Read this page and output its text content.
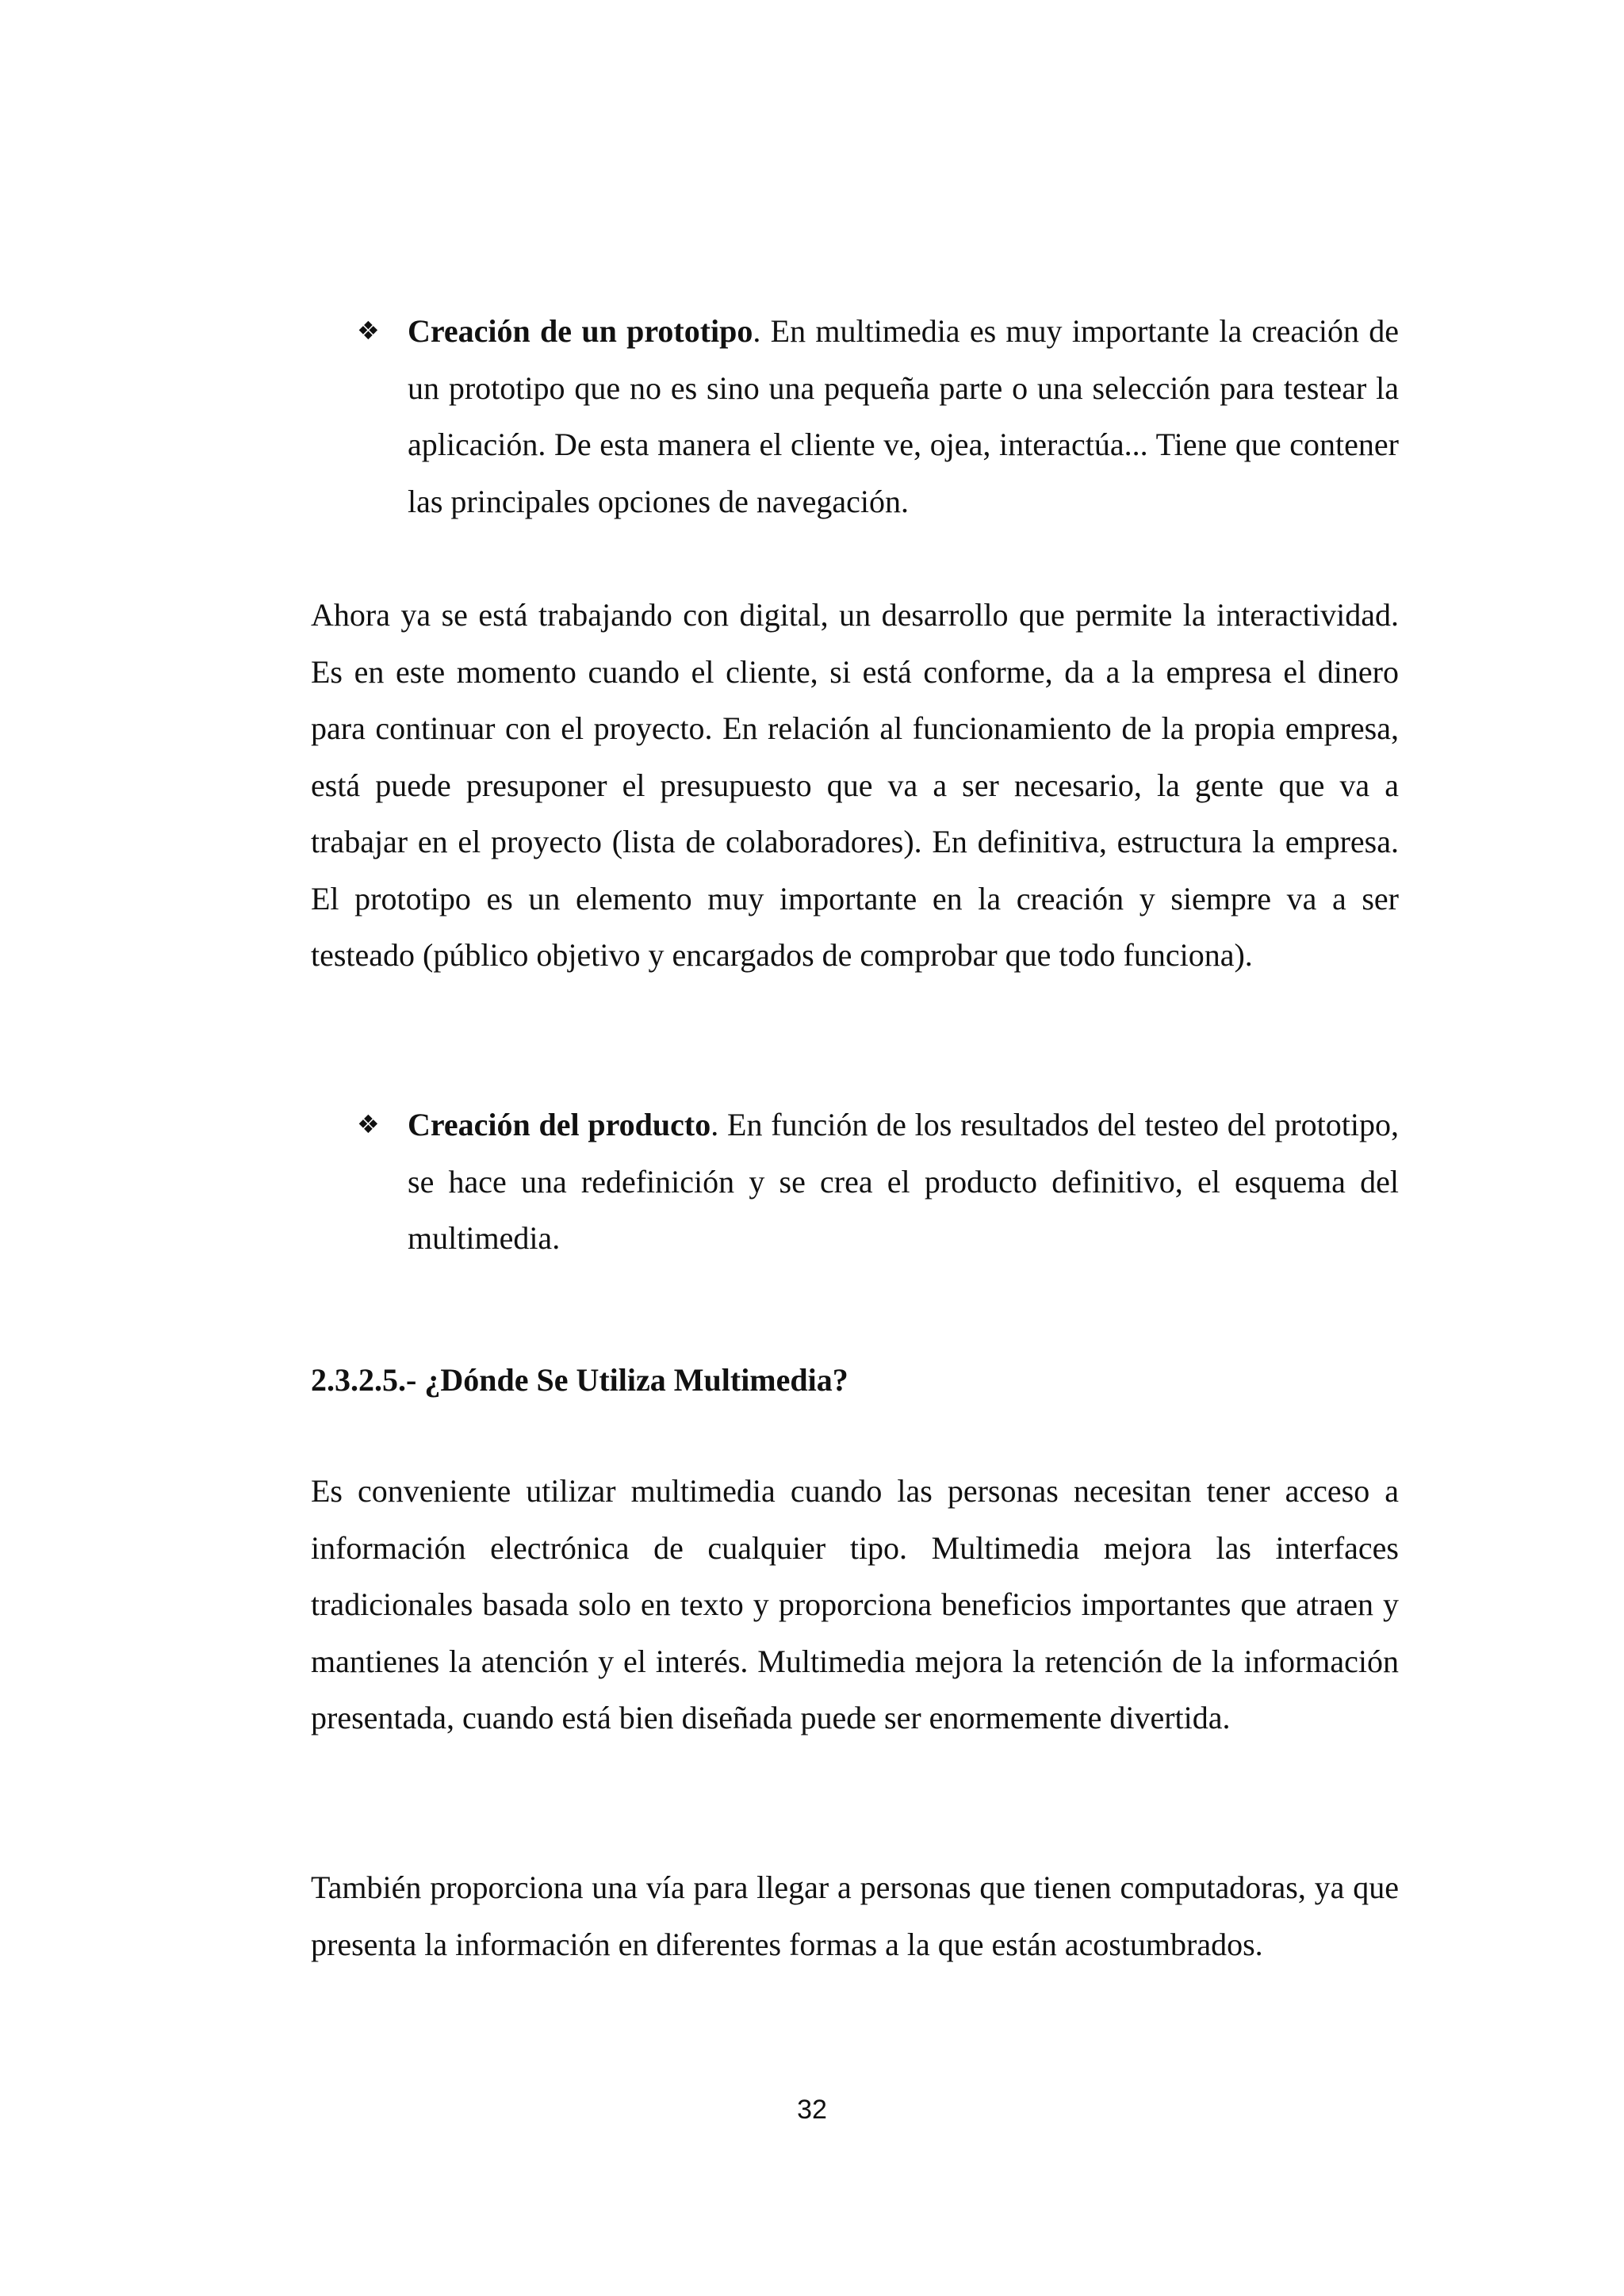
❖ Creación de un prototipo. En multimedia es muy importante la creación de un prototipo que no es sino una pequeña parte o una selección para testear la aplicación. De esta manera el cliente ve, ojea, interactúa... Tiene que contener las principales opciones de navegación.

Ahora ya se está trabajando con digital, un desarrollo que permite la interactividad. Es en este momento cuando el cliente, si está conforme, da a la empresa el dinero para continuar con el proyecto. En relación al funcionamiento de la propia empresa, está puede presuponer el presupuesto que va a ser necesario, la gente que va a trabajar en el proyecto (lista de colaboradores). En definitiva, estructura la empresa. El prototipo es un elemento muy importante en la creación y siempre va a ser testeado (público objetivo y encargados de comprobar que todo funciona).

❖ Creación del producto. En función de los resultados del testeo del prototipo, se hace una redefinición y se crea el producto definitivo, el esquema del multimedia.
2.3.2.5.- ¿Dónde Se Utiliza Multimedia?

Es conveniente utilizar multimedia cuando las personas necesitan tener acceso a información electrónica de cualquier tipo. Multimedia mejora las interfaces tradicionales basada solo en texto y proporciona beneficios importantes que atraen y mantienes la atención y el interés. Multimedia mejora la retención de la información presentada, cuando está bien diseñada puede ser enormemente divertida.

También proporciona una vía para llegar a personas que tienen computadoras, ya que presenta la información en diferentes formas a la que están acostumbrados.

32
